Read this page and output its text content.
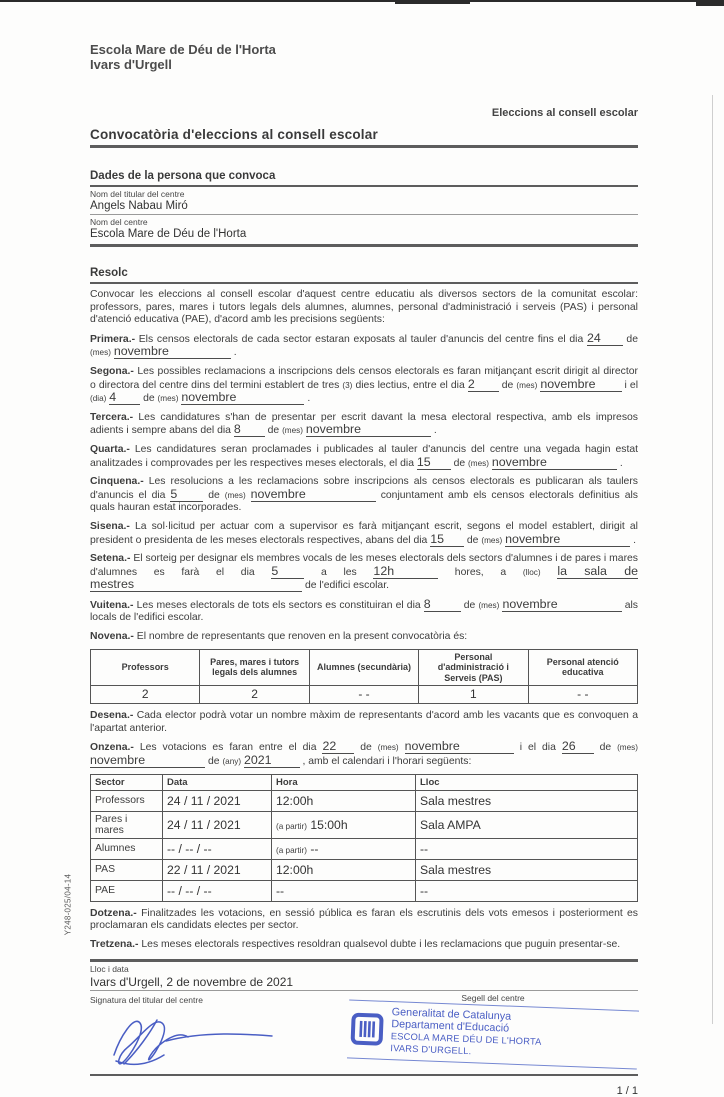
Y248-025/04-14
Escola Mare de Déu de l'Horta
Ivars d'Urgell
Eleccions al consell escolar
Convocatòria d'eleccions al consell escolar
Dades de la persona que convoca
Nom del titular del centre
Angels Nabau Miró
Nom del centre
Escola Mare de Déu de l'Horta
Resolc

Convocar les eleccions al consell escolar d'aquest centre educatiu als diversos sectors de la comunitat escolar: professors, pares, mares i tutors legals dels alumnes, alumnes, personal d'administració i serveis (PAS) i personal d'atenció educativa (PAE), d'acord amb les precisions següents:

Primera.- Els censos electorals de cada sector estaran exposats al tauler d'anuncis del centre fins el dia 24 de (mes) novembre	.

Segona.- Les possibles reclamacions a inscripcions dels censos electorals es faran mitjançant escrit dirigit al director o directora del centre dins del termini establert de tres (3) dies lectius, entre el dia 2 de (mes) novembre	i el (dia) 4 de (mes) novembre	.

Tercera.- Les candidatures s'han de presentar per escrit davant la mesa electoral respectiva, amb els impresos adients i sempre abans del dia 8 de (mes) novembre	.

Quarta.- Les candidatures seran proclamades i publicades al tauler d'anuncis del centre una vegada hagin estat analitzades i comprovades per les respectives meses electorals, el dia 15 de (mes) novembre	.

Cinquena.- Les resolucions a les reclamacions sobre inscripcions als censos electorals es publicaran als taulers d'anuncis el dia 5	de (mes) novembre	conjuntament amb els censos electorals definitius als quals hauran estat incorporades.

Sisena.- La sol·licitud per actuar com a supervisor es farà mitjançant escrit, segons el model establert, dirigit al president o presidenta de les meses electorals respectives, abans del dia 15 de (mes) novembre	.

Setena.- El sorteig per designar els membres vocals de les meses electorals dels sectors d'alumnes i de pares i mares d'alumnes es farà el dia 5	a les 12h	hores, a (lloc) la sala de mestres	de l'edifici escolar.

Vuitena.- Les meses electorals de tots els sectors es constituiran el dia 8	de (mes) novembre	als locals de l'edifici escolar.

Novena.- El nombre de representants que renoven en la present convocatòria és:

Professors	Pares, mares i tutors legals dels alumnes	Alumnes (secundària)	Personal d'administració i Serveis (PAS)	Personal atenció educativa
2	2	- -	1	- -

Desena.- Cada elector podrà votar un nombre màxim de representants d'acord amb les vacants que es convoquen a l'apartat anterior.

Onzena.- Les votacions es faran entre el dia 22 de (mes) novembre	i el dia 26 de (mes) novembre	de (any) 2021	, amb el calendari i l'horari següents:

Sector	Data	Hora	Lloc
Professors	24 / 11 / 2021	12:00h	Sala mestres
Pares i mares	24 / 11 / 2021	(a partir) 15:00h	Sala AMPA
Alumnes	-- / -- / --	(a partir) --	--
PAS	22 / 11 / 2021	12:00h	Sala mestres
PAE	-- / -- / --	--	--

Dotzena.- Finalitzades les votacions, en sessió pública es faran els escrutinis dels vots emesos i posteriorment es proclamaran els candidats electes per sector.

Tretzena.- Les meses electorals respectives resoldran qualsevol dubte i les reclamacions que puguin presentar-se.

Lloc i data
Ivars d'Urgell, 2 de novembre de 2021
Signatura del titular del centre	Segell del centre
Generalitat de Catalunya
Departament d'Educació
ESCOLA MARE DÉU DE L'HORTA
IVARS D'URGELL.
1 / 1
